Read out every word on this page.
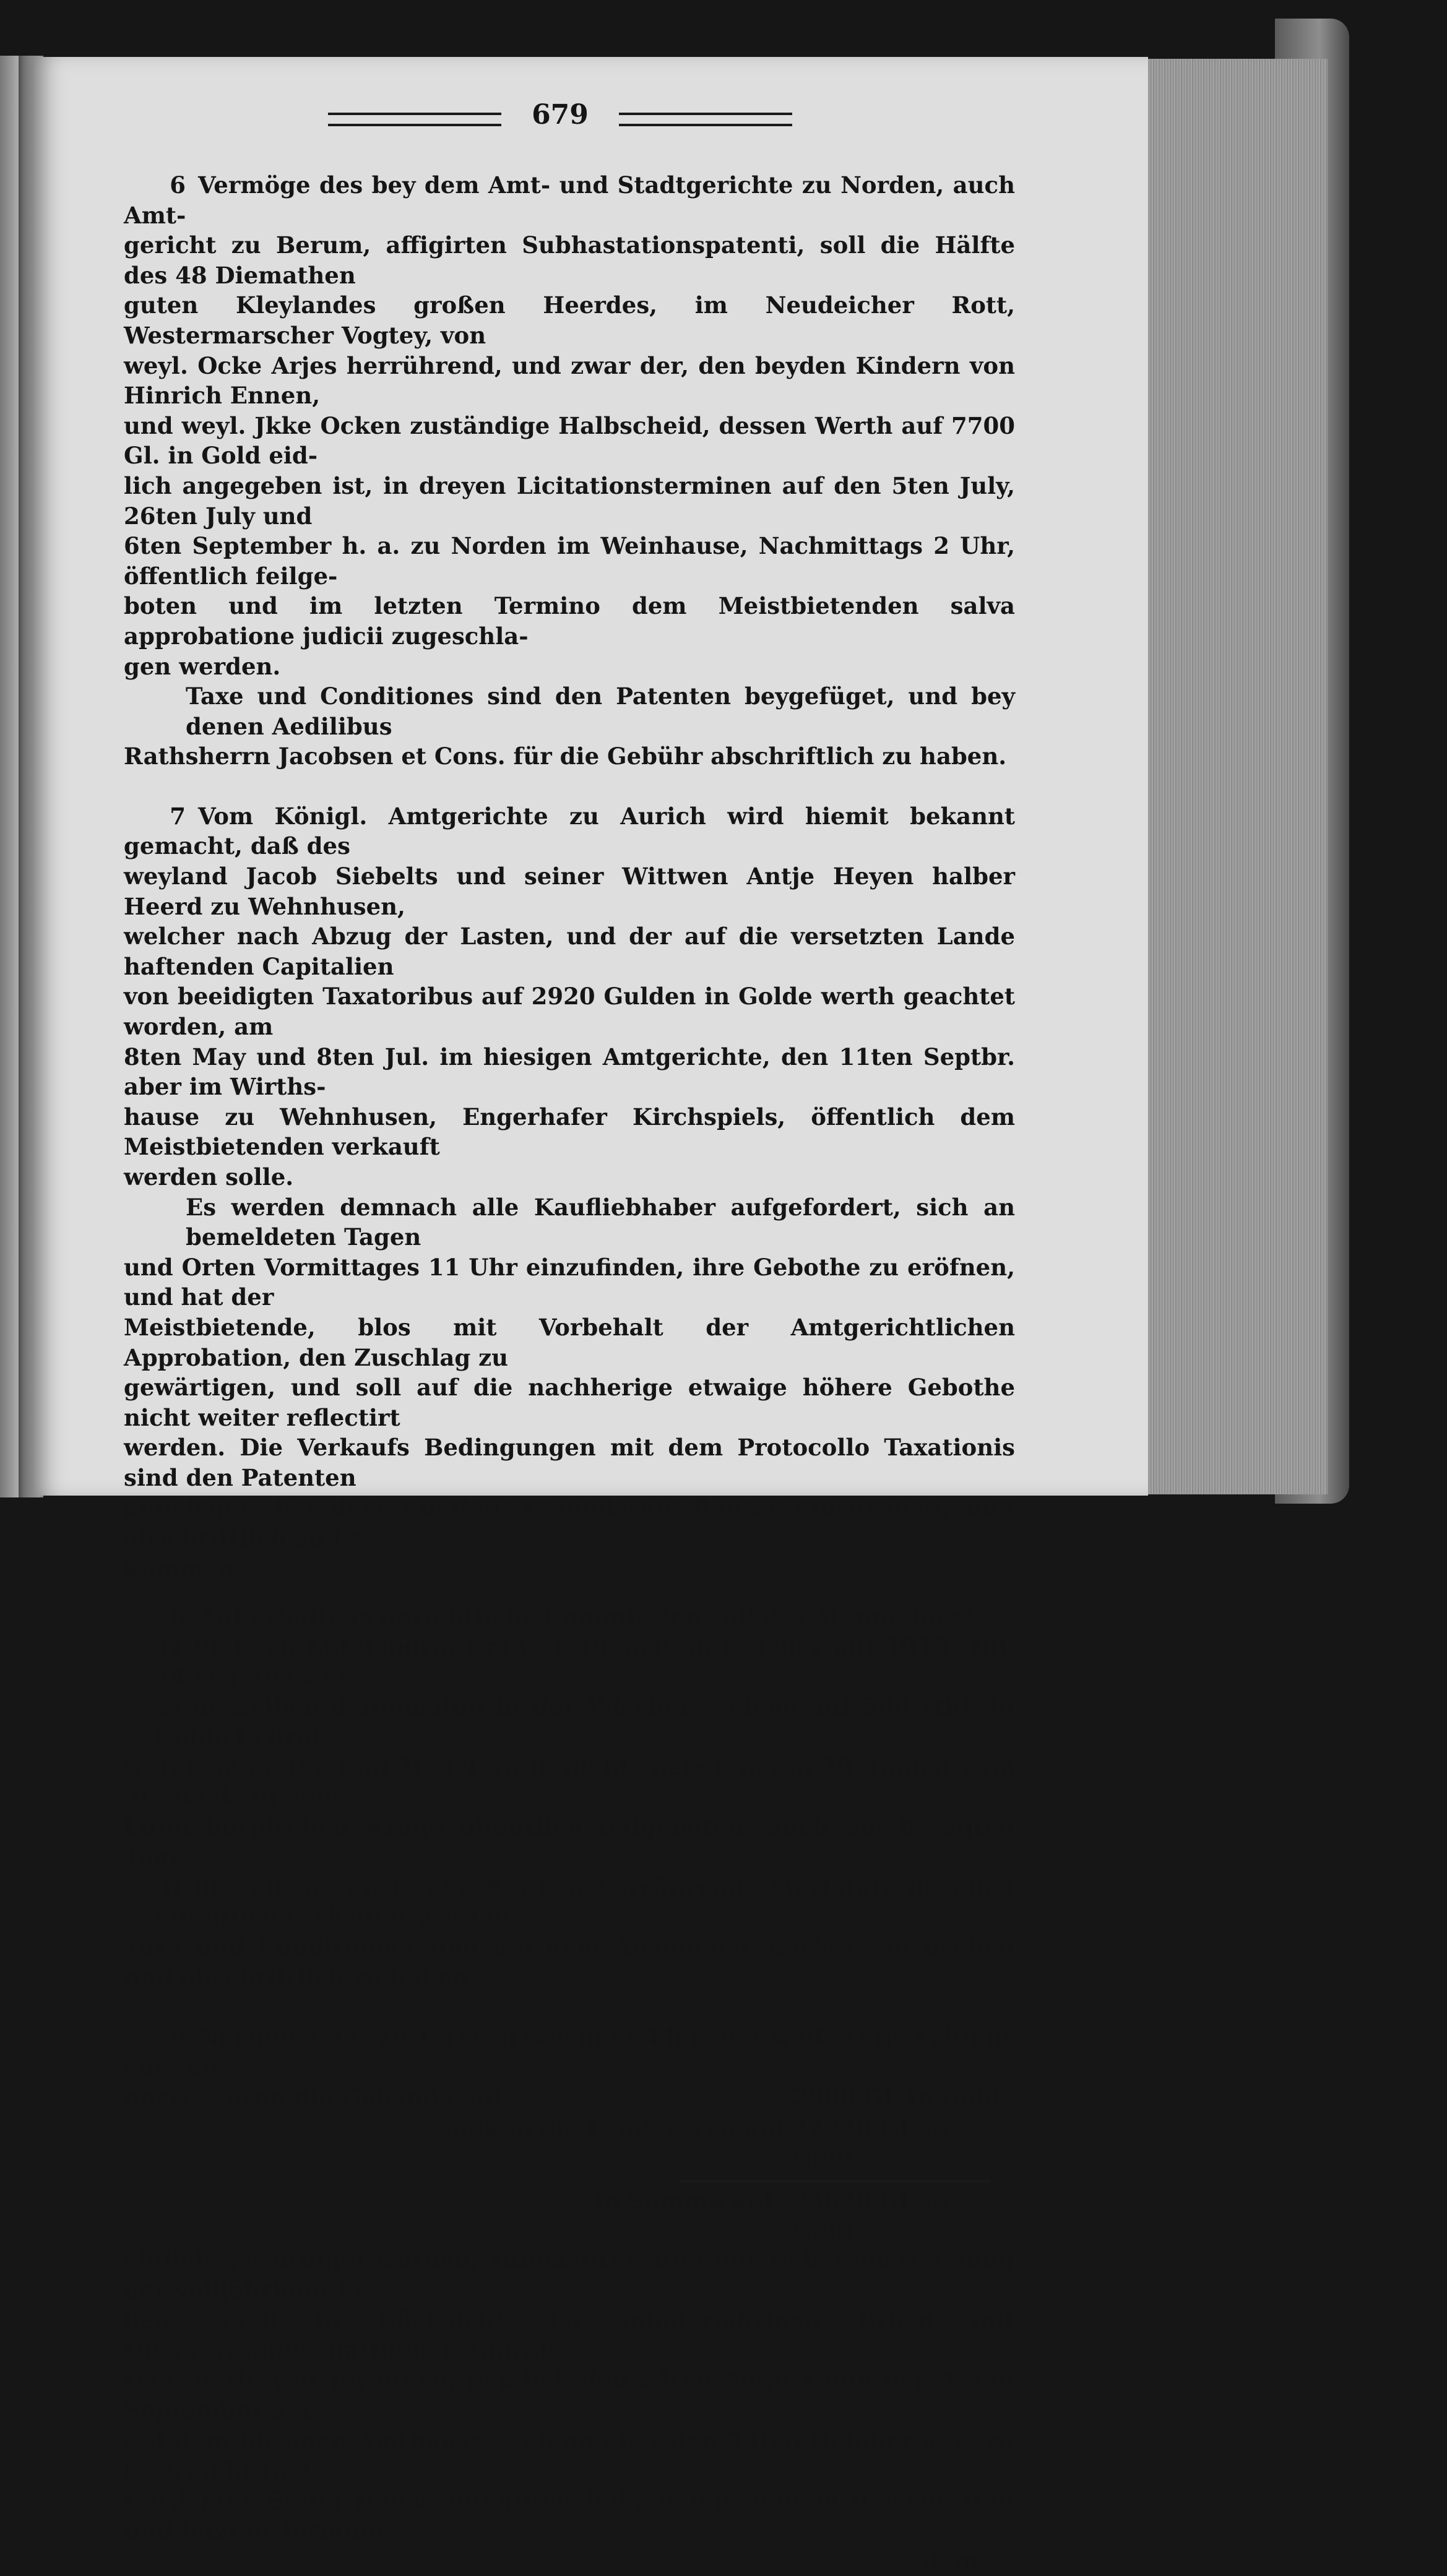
679
6 Vermöge des bey dem Amt- und Stadtgerichte zu Norden, auch Amt-
gericht zu Berum, affigirten Subhastationspatenti, soll die Hälfte des 48 Diemathen
guten Kleylandes großen Heerdes, im Neudeicher Rott, Westermarscher Vogtey, von
weyl. Ocke Arjes herrührend, und zwar der, den beyden Kindern von Hinrich Ennen,
und weyl. Jkke Ocken zuständige Halbscheid, dessen Werth auf 7700 Gl. in Gold eid-
lich angegeben ist, in dreyen Licitationsterminen auf den 5ten July, 26ten July und
6ten September h. a. zu Norden im Weinhause, Nachmittags 2 Uhr, öffentlich feilge-
boten und im letzten Termino dem Meistbietenden salva approbatione judicii zugeschla-
gen werden.
Taxe und Conditiones sind den Patenten beygefüget, und bey denen Aedilibus
Rathsherrn Jacobsen et Cons. für die Gebühr abschriftlich zu haben.
7 Vom Königl. Amtgerichte zu Aurich wird hiemit bekannt gemacht, daß des
weyland Jacob Siebelts und seiner Wittwen Antje Heyen halber Heerd zu Wehnhusen,
welcher nach Abzug der Lasten, und der auf die versetzten Lande haftenden Capitalien
von beeidigten Taxatoribus auf 2920 Gulden in Golde werth geachtet worden, am
8ten May und 8ten Jul. im hiesigen Amtgerichte, den 11ten Septbr. aber im Wirths-
hause zu Wehnhusen, Engerhafer Kirchspiels, öffentlich dem Meistbietenden verkauft
werden solle.
Es werden demnach alle Kaufliebhaber aufgefordert, sich an bemeldeten Tagen
und Orten Vormittages 11 Uhr einzufinden, ihre Gebothe zu eröfnen, und hat der
Meistbietende, blos mit Vorbehalt der Amtgerichtlichen Approbation, den Zuschlag zu
gewärtigen, und soll auf die nachherige etwaige höhere Gebothe nicht weiter reflectirt
werden. Die Verkaufs Bedingungen mit dem Protocollo Taxationis sind den Patenten
angeleget, bei dem Auctions-Commissair Reuter einzusehen, und abschriftlich zu be-
kommen.
8 Auf erhaltene gerichtliche Commission soll des Menne Jacobs
1) Platz zu Lütetsburg, groß 36 Diematen, welcher auf 1018 rthl. 14 sch. in Golde,
2) desselben 4 Diematen in der Wischer, welche auf 500 rthl. in Golde taxiret,
wofür im ersten und 2ten Termin nichts geboten, am 28 August zum 3tenmale in dem
Lütetsburgischen Kruge öffentlich feilgeboten, auch am besagten Tage
3) desselben von Konke Konken herrührende Warfstäte daselbst öffentlich verkaufet werden.
Taxe und Conditiones sind bei dem Ausmiener Backer einzusehen und abschriftlich zu haben.
9 Nachdem der zu Terborg belegene Platz der weil. Antje Frilings cum an-
nexis, wovon die Gebände auf	2900 Gl. in Gold
sodann die Ländereyen auf 22720 Gl. in Gold
in Summa auf 25620 Gl. in Gold
eidlich gewürdiget worden, subhastiret, und mit Uebereinstimmung der volljährigen Er-
ben, auch in Rücksicht der minderjährigen Erben mit Obervormundschaftlicher Approba-
tion, in dreyen Terminen, nemlich den 24ten August und den 16ten September a. c.
auf dem hiesigen Amthause, sodann aber den 23ten October a. c. zu Neermohr in des
Gerd Jans Smits Hause öffentlich feilgeboten, und in diesem 3ten und letzten Termino
dem
